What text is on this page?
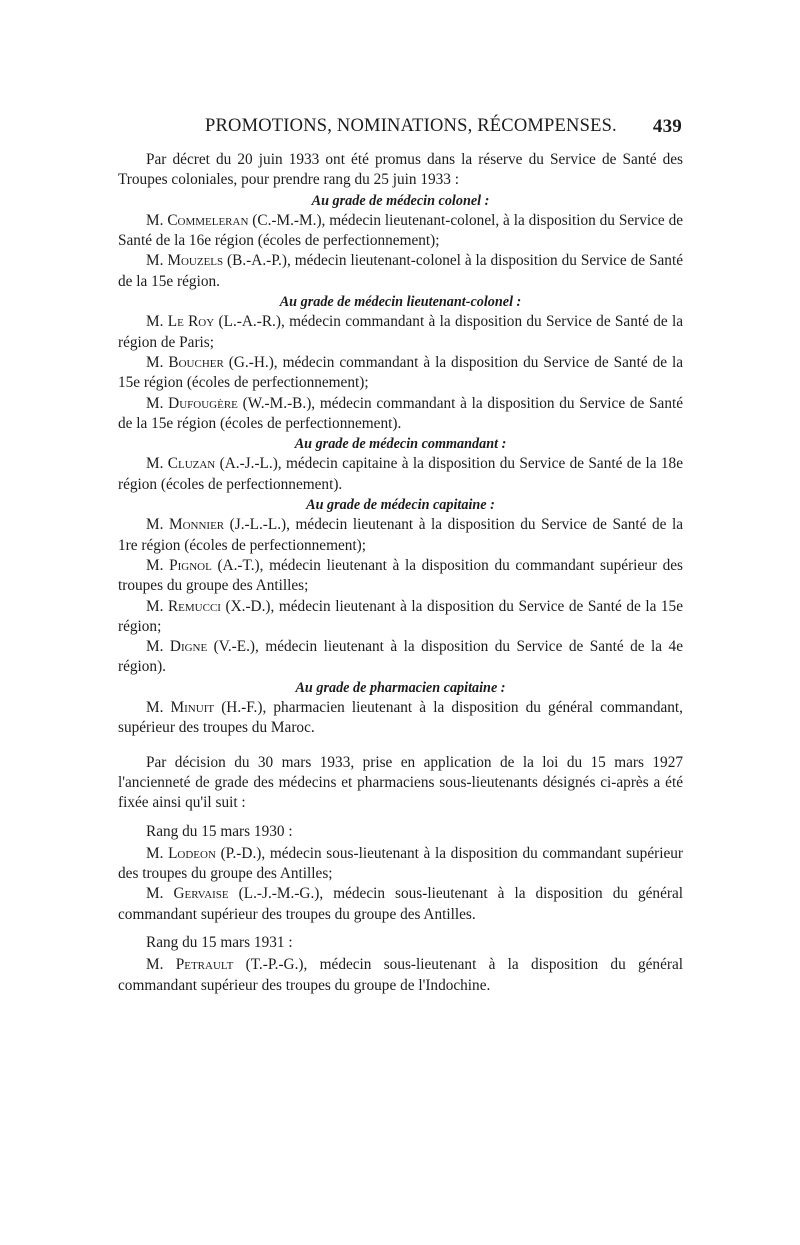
PROMOTIONS, NOMINATIONS, RÉCOMPENSES. 439

Par décret du 20 juin 1933 ont été promus dans la réserve du Service de Santé des Troupes coloniales, pour prendre rang du 25 juin 1933 :

Au grade de médecin colonel :

M. Commeleran (C.-M.-M.), médecin lieutenant-colonel, à la disposition du Service de Santé de la 16e région (écoles de perfectionnement);

M. Mouzels (B.-A.-P.), médecin lieutenant-colonel à la disposition du Service de Santé de la 15e région.

Au grade de médecin lieutenant-colonel :

M. Le Roy (L.-A.-R.), médecin commandant à la disposition du Service de Santé de la région de Paris;

M. Boucher (G.-H.), médecin commandant à la disposition du Service de Santé de la 15e région (écoles de perfectionnement);

M. Dufougère (W.-M.-B.), médecin commandant à la disposition du Service de Santé de la 15e région (écoles de perfectionnement).

Au grade de médecin commandant :

M. Cluzan (A.-J.-L.), médecin capitaine à la disposition du Service de Santé de la 18e région (écoles de perfectionnement).

Au grade de médecin capitaine :

M. Monnier (J.-L.-L.), médecin lieutenant à la disposition du Service de Santé de la 1re région (écoles de perfectionnement);

M. Pignol (A.-T.), médecin lieutenant à la disposition du commandant supérieur des troupes du groupe des Antilles;

M. Remucci (X.-D.), médecin lieutenant à la disposition du Service de Santé de la 15e région;

M. Digne (V.-E.), médecin lieutenant à la disposition du Service de Santé de la 4e région).

Au grade de pharmacien capitaine :

M. Minuit (H.-F.), pharmacien lieutenant à la disposition du général commandant, supérieur des troupes du Maroc.

Par décision du 30 mars 1933, prise en application de la loi du 15 mars 1927 l'ancienneté de grade des médecins et pharmaciens sous-lieutenants désignés ci-après a été fixée ainsi qu'il suit :

Rang du 15 mars 1930 :

M. Lodeon (P.-D.), médecin sous-lieutenant à la disposition du commandant supérieur des troupes du groupe des Antilles;

M. Gervaise (L.-J.-M.-G.), médecin sous-lieutenant à la disposition du général commandant supérieur des troupes du groupe des Antilles.

Rang du 15 mars 1931 :

M. Petrault (T.-P.-G.), médecin sous-lieutenant à la disposition du général commandant supérieur des troupes du groupe de l'Indochine.
